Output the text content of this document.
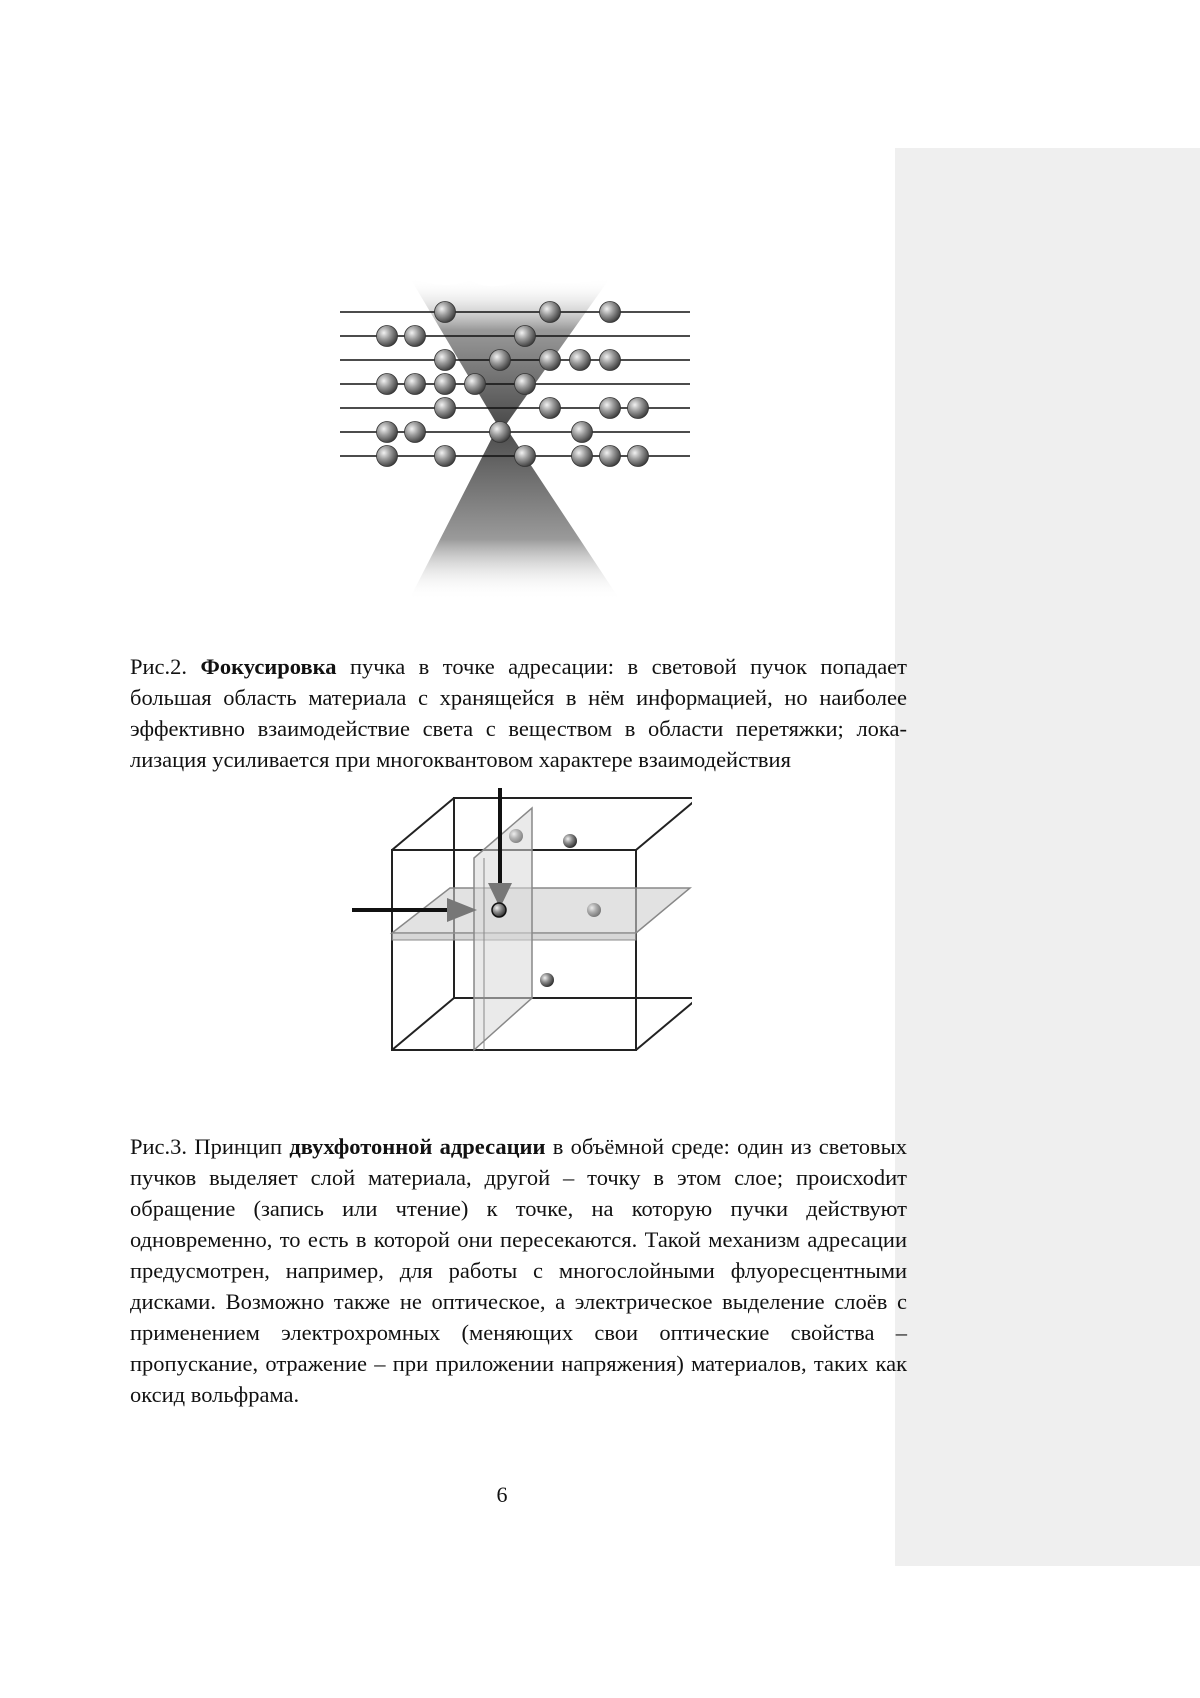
Рис.2. Фокусировка пучка в точке адресации: в световой пучок попадает большая область материала с хранящейся в нём информацией, но наиболее эффективно взаимодействие света с веществом в области перетяжки; локализация усиливается при многоквантовом характере взаимодействия

Рис.3. Принцип двухфотонной адресации в объёмной среде: один из световых пучков выделяет слой материала, другой – точку в этом слое; происхоdит обращение (запись или чтение) к точке, на которую пучки действуют одновременно, то есть в которой они пересекаются. Такой механизм адресации предусмотрен, например, для работы с многослойными флуоресцентными дисками. Возможно также не оптическое, а электрическое выделение слоёв с применением электрохромных (меняющих свои оптические свойства – пропускание, отражение – при приложении напряжения) материалов, таких как оксид вольфрама.

6
